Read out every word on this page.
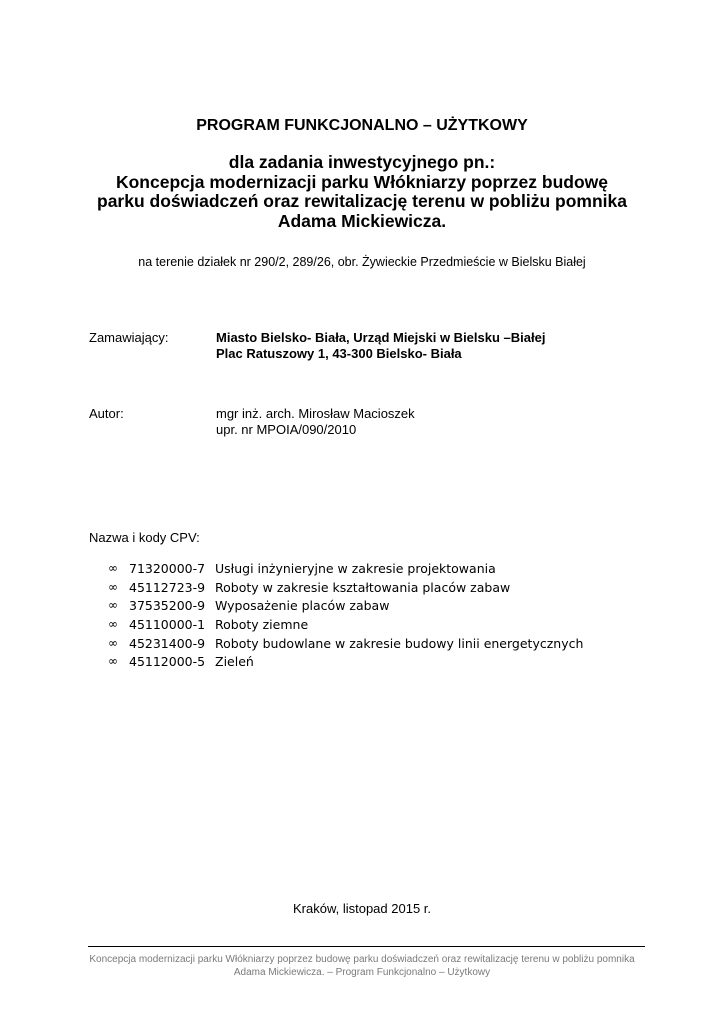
PROGRAM FUNKCJONALNO – UŻYTKOWY
dla zadania inwestycyjnego pn.:
Koncepcja modernizacji parku Włókniarzy poprzez budowę
parku doświadczeń oraz rewitalizację terenu w pobliżu pomnika
Adama Mickiewicza.
na terenie działek nr 290/2, 289/26, obr. Żywieckie Przedmieście w Bielsku Białej
Zamawiający:	Miasto Bielsko- Biała, Urząd Miejski w Bielsku –Białej
Plac Ratuszowy 1, 43-300 Bielsko- Biała
Autor:	mgr inż. arch. Mirosław Macioszek
upr. nr MPOIA/090/2010
Nazwa i kody CPV:
∞ 71320000-7 Usługi inżynieryjne w zakresie projektowania
∞ 45112723-9 Roboty w zakresie kształtowania placów zabaw
∞ 37535200-9 Wyposażenie placów zabaw
∞ 45110000-1 Roboty ziemne
∞ 45231400-9 Roboty budowlane w zakresie budowy linii energetycznych
∞ 45112000-5 Zieleń
Kraków, listopad 2015 r.
Koncepcja modernizacji parku Włókniarzy poprzez budowę parku doświadczeń oraz rewitalizację terenu w pobliżu pomnika
Adama Mickiewicza. – Program Funkcjonalno – Użytkowy
